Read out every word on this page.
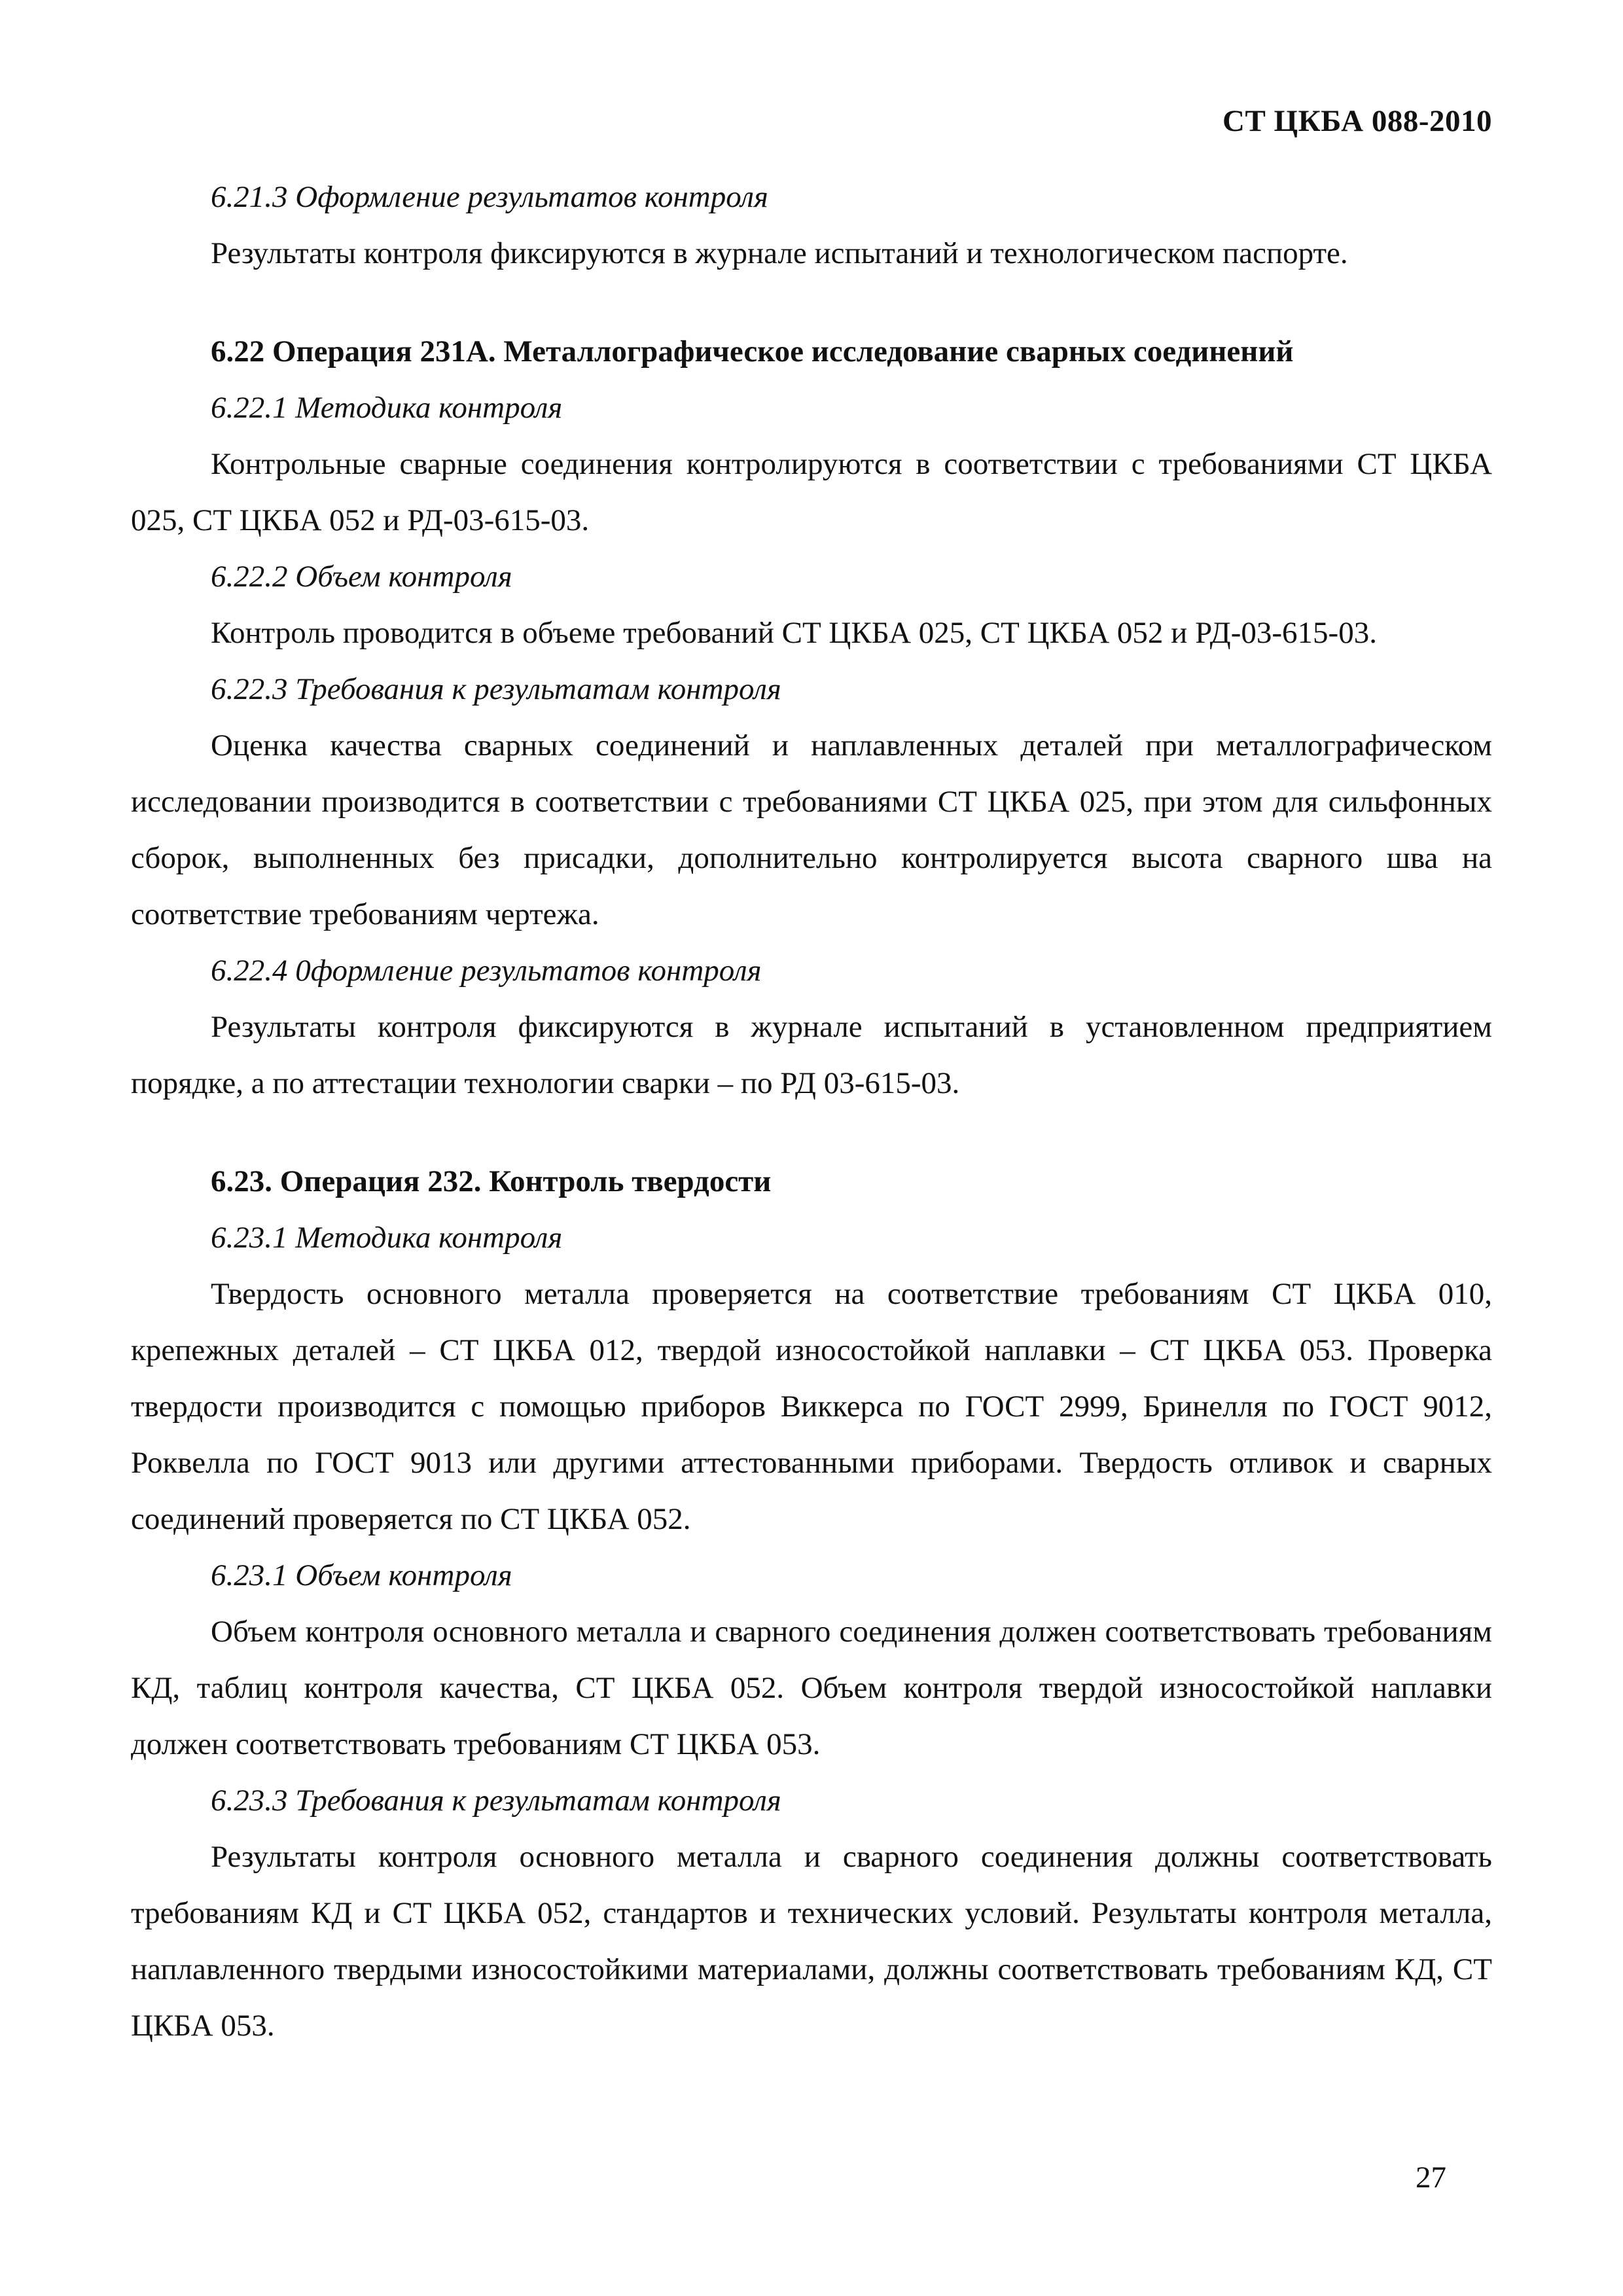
СТ ЦКБА 088-2010

6.21.3 Оформление результатов контроля

Результаты контроля фиксируются в журнале испытаний и технологическом паспорте.

6.22 Операция 231А. Металлографическое исследование сварных соединений

6.22.1 Методика контроля

Контрольные сварные соединения контролируются в соответствии с требованиями СТ ЦКБА 025, СТ ЦКБА 052 и РД-03-615-03.

6.22.2 Объем контроля

Контроль проводится в объеме требований СТ ЦКБА 025, СТ ЦКБА 052 и РД-03-615-03.

6.22.3 Требования к результатам контроля

Оценка качества сварных соединений и наплавленных деталей при металлографическом исследовании производится в соответствии с требованиями СТ ЦКБА 025, при этом для сильфонных сборок, выполненных без присадки, дополнительно контролируется высота сварного шва на соответствие требованиям чертежа.

6.22.4 0формление результатов контроля

Результаты контроля фиксируются в журнале испытаний в установленном предприятием порядке, а по аттестации технологии сварки – по РД 03-615-03.

6.23. Операция 232. Контроль твердости

6.23.1 Методика контроля

Твердость основного металла проверяется на соответствие требованиям СТ ЦКБА 010, крепежных деталей – СТ ЦКБА 012, твердой износостойкой наплавки – СТ ЦКБА 053. Проверка твердости производится с помощью приборов Виккерса по ГОСТ 2999, Бринелля по ГОСТ 9012, Роквелла по ГОСТ 9013 или другими аттестованными приборами. Твердость отливок и сварных соединений проверяется по СТ ЦКБА 052.

6.23.1 Объем контроля

Объем контроля основного металла и сварного соединения должен соответствовать требованиям КД, таблиц контроля качества, СТ ЦКБА 052. Объем контроля твердой износостойкой наплавки должен соответствовать требованиям СТ ЦКБА 053.

6.23.3 Требования к результатам контроля

Результаты контроля основного металла и сварного соединения должны соответствовать требованиям КД и СТ ЦКБА 052, стандартов и технических условий. Результаты контроля металла, наплавленного твердыми износостойкими материалами, должны соответствовать требованиям КД, СТ ЦКБА 053.

27
